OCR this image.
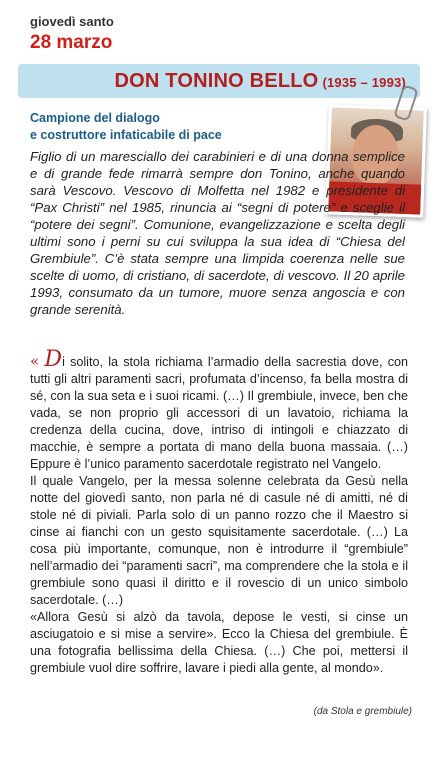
giovedì santo
28 marzo
DON TONINO BELLO (1935 – 1993)
Campione del dialogo
e costruttore infaticabile di pace

Figlio di un maresciallo dei carabinieri e di una donna semplice e di grande fede rimarrà sempre don Tonino, anche quando sarà Vescovo. Vescovo di Molfetta nel 1982 e presidente di “Pax Christi” nel 1985, rinuncia ai “segni di potere” e sceglie il “potere dei segni”. Comunione, evangelizzazione e scelta degli ultimi sono i perni su cui sviluppa la sua idea di “Chiesa del Grembiule”. C’è stata sempre una limpida coerenza nelle sue scelte di uomo, di cristiano, di sacerdote, di vescovo. Il 20 aprile 1993, consumato da un tumore, muore senza angoscia e con grande serenità.

« Di solito, la stola richiama l’armadio della sacrestia dove, con tutti gli altri paramenti sacri, profumata d’incenso, fa bella mostra di sé, con la sua seta e i suoi ricami. (…) Il grembiule, invece, ben che vada, se non proprio gli accessori di un lavatoio, richiama la credenza della cucina, dove, intriso di intingoli e chiazzato di macchie, è sempre a portata di mano della buona massaia. (…) Eppure è l’unico paramento sacerdotale registrato nel Vangelo.

Il quale Vangelo, per la messa solenne celebrata da Gesù nella notte del giovedì santo, non parla né di casule né di amitti, né di stole né di piviali. Parla solo di un panno rozzo che il Maestro si cinse ai fianchi con un gesto squisitamente sacerdotale. (…) La cosa più importante, comunque, non è introdurre il “grembiule” nell’armadio dei “paramenti sacri”, ma comprendere che la stola e il grembiule sono quasi il diritto e il rovescio di un unico simbolo sacerdotale. (…)

«Allora Gesù si alzò da tavola, depose le vesti, si cinse un asciugatoio e si mise a servire». Ecco la Chiesa del grembiule. È una fotografia bellissima della Chiesa. (…) Che poi, mettersi il grembiule vuol dire soffrire, lavare i piedi alla gente, al mondo».

(da Stola e grembiule)
